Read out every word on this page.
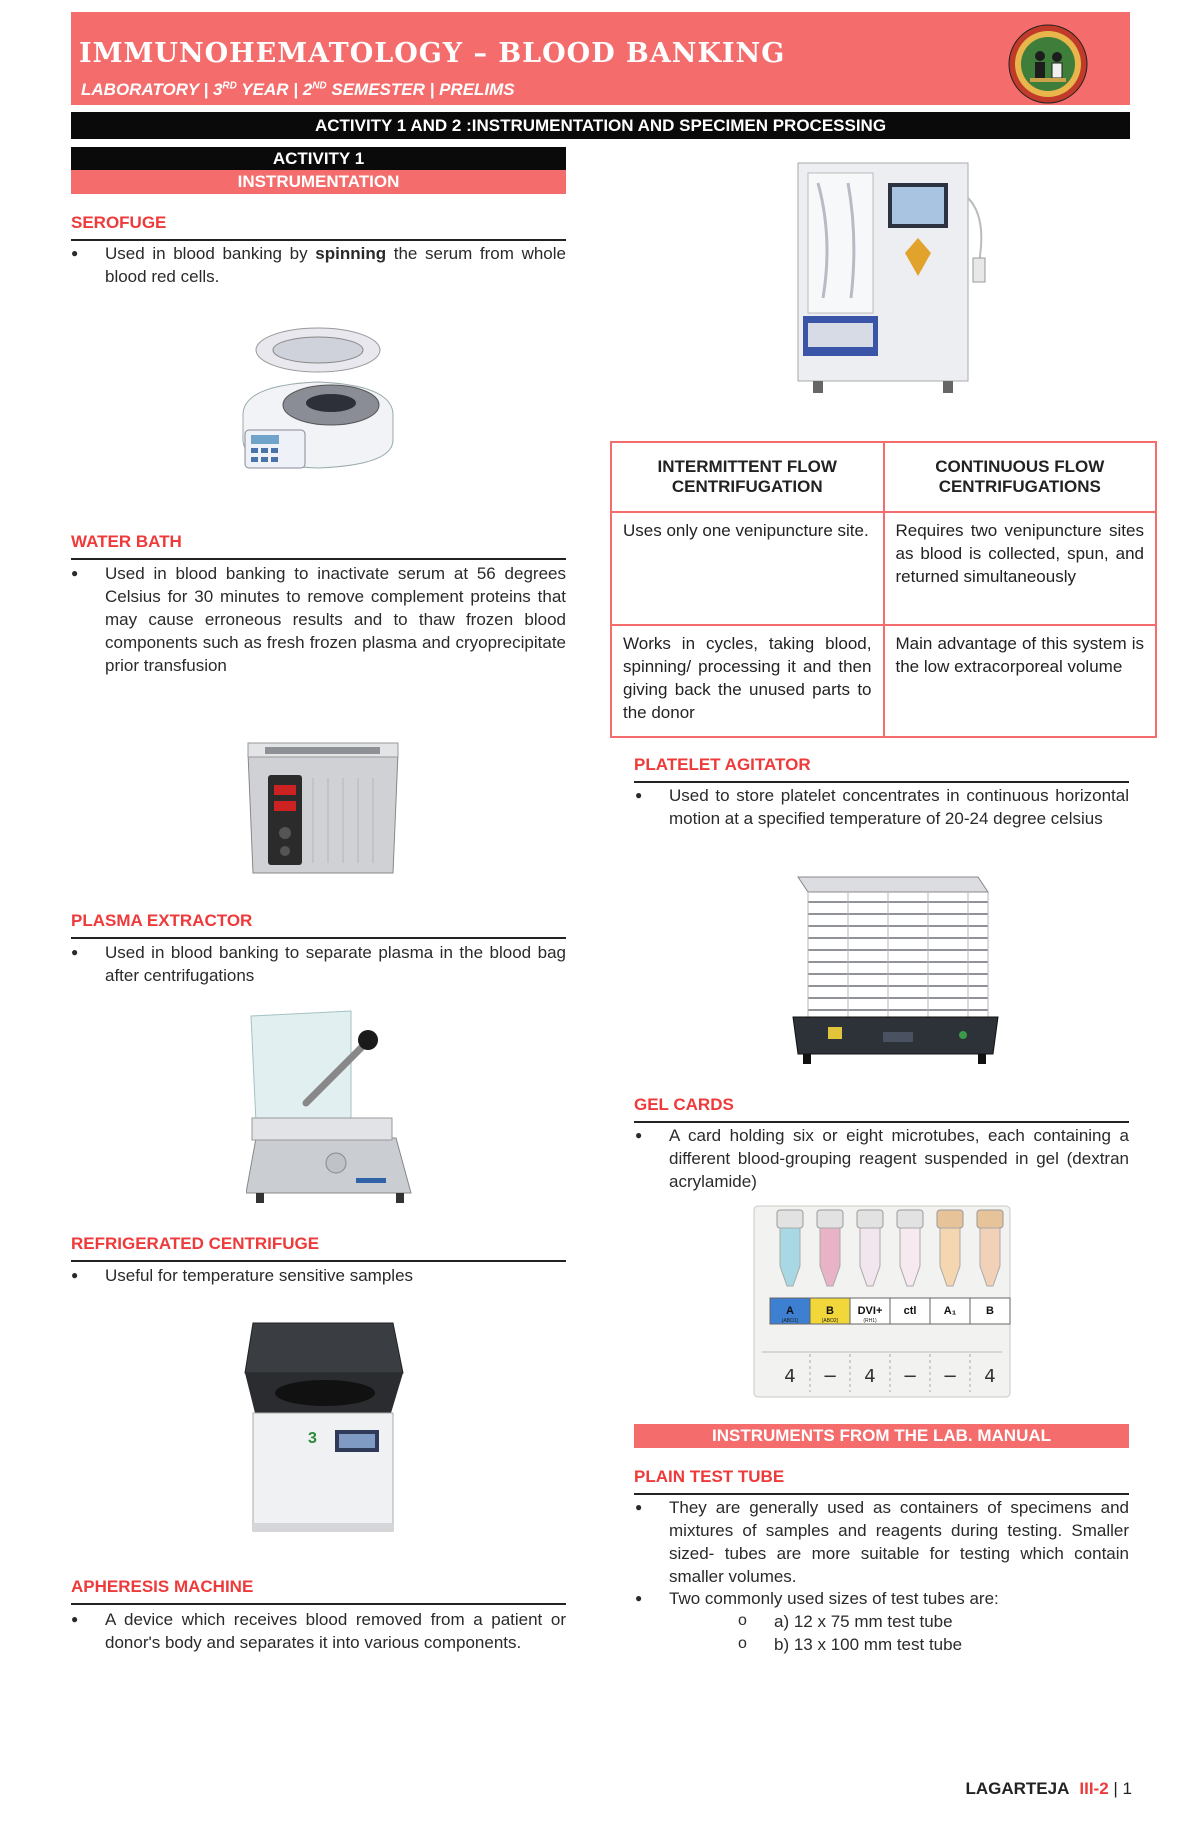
IMMUNOHEMATOLOGY – BLOOD BANKING
LABORATORY | 3RD YEAR | 2ND SEMESTER | PRELIMS
ACTIVITY 1 AND 2 :INSTRUMENTATION AND SPECIMEN PROCESSING
ACTIVITY 1
INSTRUMENTATION
SEROFUGE
● Used in blood banking by spinning the serum from whole blood red cells.
WATER BATH
● Used in blood banking to inactivate serum at 56 degrees Celsius for 30 minutes to remove complement proteins that may cause erroneous results and to thaw frozen blood components such as fresh frozen plasma and cryoprecipitate prior transfusion
PLASMA EXTRACTOR
● Used in blood banking to separate plasma in the blood bag after centrifugations
REFRIGERATED CENTRIFUGE
● Useful for temperature sensitive samples
3
APHERESIS MACHINE
● A device which receives blood removed from a patient or donor's body and separates it into various components.
INTERMITTENT FLOW CENTRIFUGATION	CONTINUOUS FLOW CENTRIFUGATIONS
Uses only one venipuncture site.	Requires two venipuncture sites as blood is collected, spun, and returned simultaneously
Works in cycles, taking blood, spinning/ processing it and then giving back the unused parts to the donor	Main advantage of this system is the low extracorporeal volume
PLATELET AGITATOR
● Used to store platelet concentrates in continuous horizontal motion at a specified temperature of 20-24 degree celsius
GEL CARDS
● A card holding six or eight microtubes, each containing a different blood-grouping reagent suspended in gel (dextran acrylamide)
A
(ABO1)
B
(ABO2)
DVI+
(RH1)
ctl A₁	B
4 − 4 − − 4
INSTRUMENTS FROM THE LAB. MANUAL
PLAIN TEST TUBE
● They are generally used as containers of specimens and mixtures of samples and reagents during testing. Smaller sized- tubes are more suitable for testing which contain smaller volumes.
● Two commonly used sizes of test tubes are:
o a) 12 x 75 mm test tube
o b) 13 x 100 mm test tube
LAGARTEJA III-2 | 1
